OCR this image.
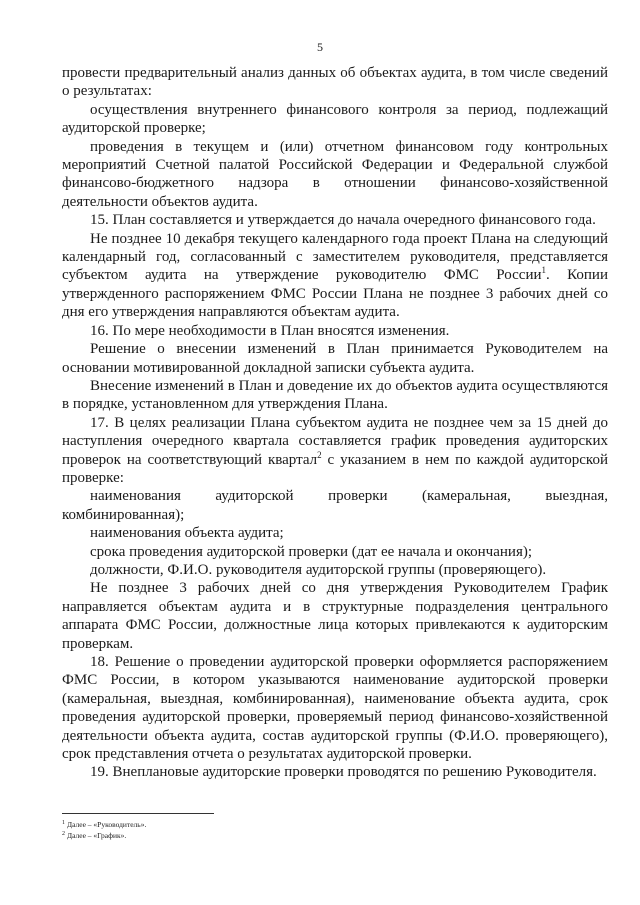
5

провести предварительный анализ данных об объектах аудита, в том числе сведений о результатах:

осуществления внутреннего финансового контроля за период, подлежащий аудиторской проверке;

проведения в текущем и (или) отчетном финансовом году контрольных мероприятий Счетной палатой Российской Федерации и Федеральной службой финансово-бюджетного надзора в отношении финансово-хозяйственной деятельности объектов аудита.

15. План составляется и утверждается до начала очередного финансового года.

Не позднее 10 декабря текущего календарного года проект Плана на следующий календарный год, согласованный с заместителем руководителя, представляется субъектом аудита на утверждение руководителю ФМС России$^1$. Копии утвержденного распоряжением ФМС России Плана не позднее 3 рабочих дней со дня его утверждения направляются объектам аудита.

16. По мере необходимости в План вносятся изменения.

Решение о внесении изменений в План принимается Руководителем на основании мотивированной докладной записки субъекта аудита.

Внесение изменений в План и доведение их до объектов аудита осуществляются в порядке, установленном для утверждения Плана.

17. В целях реализации Плана субъектом аудита не позднее чем за 15 дней до наступления очередного квартала составляется график проведения аудиторских проверок на соответствующий квартал$^2$ с указанием в нем по каждой аудиторской проверке:

наименования аудиторской проверки (камеральная, выездная, комбинированная);

наименования объекта аудита;

срока проведения аудиторской проверки (дат ее начала и окончания);

должности, Ф.И.О. руководителя аудиторской группы (проверяющего).

Не позднее 3 рабочих дней со дня утверждения Руководителем График направляется объектам аудита и в структурные подразделения центрального аппарата ФМС России, должностные лица которых привлекаются к аудиторским проверкам.

18. Решение о проведении аудиторской проверки оформляется распоряжением ФМС России, в котором указываются наименование аудиторской проверки (камеральная, выездная, комбинированная), наименование объекта аудита, срок проведения аудиторской проверки, проверяемый период финансово-хозяйственной деятельности объекта аудита, состав аудиторской группы (Ф.И.О. проверяющего), срок представления отчета о результатах аудиторской проверки.

19. Внеплановые аудиторские проверки проводятся по решению Руководителя.

$^1$ Далее – «Руководитель».

$^2$ Далее – «График».
